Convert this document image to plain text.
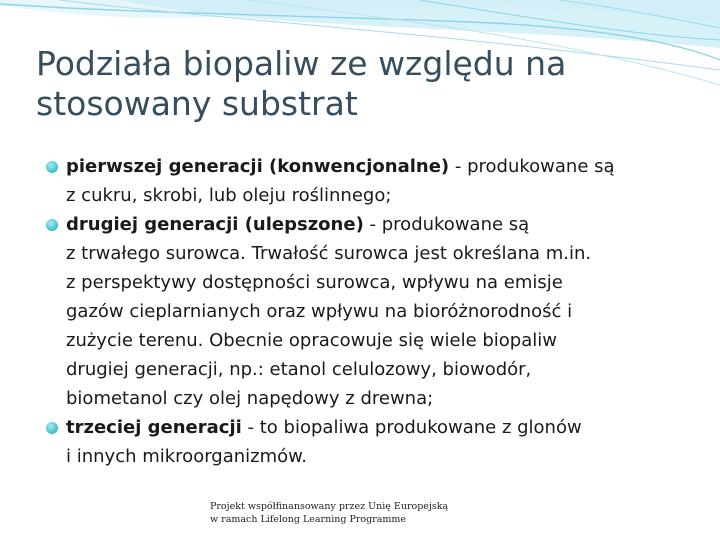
Podziała biopaliw ze względu na
stosowany substrat
pierwszej generacji (konwencjonalne) - produkowane są
z cukru, skrobi, lub oleju roślinnego;
drugiej generacji (ulepszone) - produkowane są
z trwałego surowca. Trwałość surowca jest określana m.in.
z perspektywy dostępności surowca, wpływu na emisje
gazów cieplarnianych oraz wpływu na bioróżnorodność i
zużycie terenu. Obecnie opracowuje się wiele biopaliw
drugiej generacji, np.: etanol celulozowy, biowodór,
biometanol czy olej napędowy z drewna;
trzeciej generacji - to biopaliwa produkowane z glonów
i innych mikroorganizmów.
Projekt współfinansowany przez Unię Europejską
w ramach Lifelong Learning Programme
